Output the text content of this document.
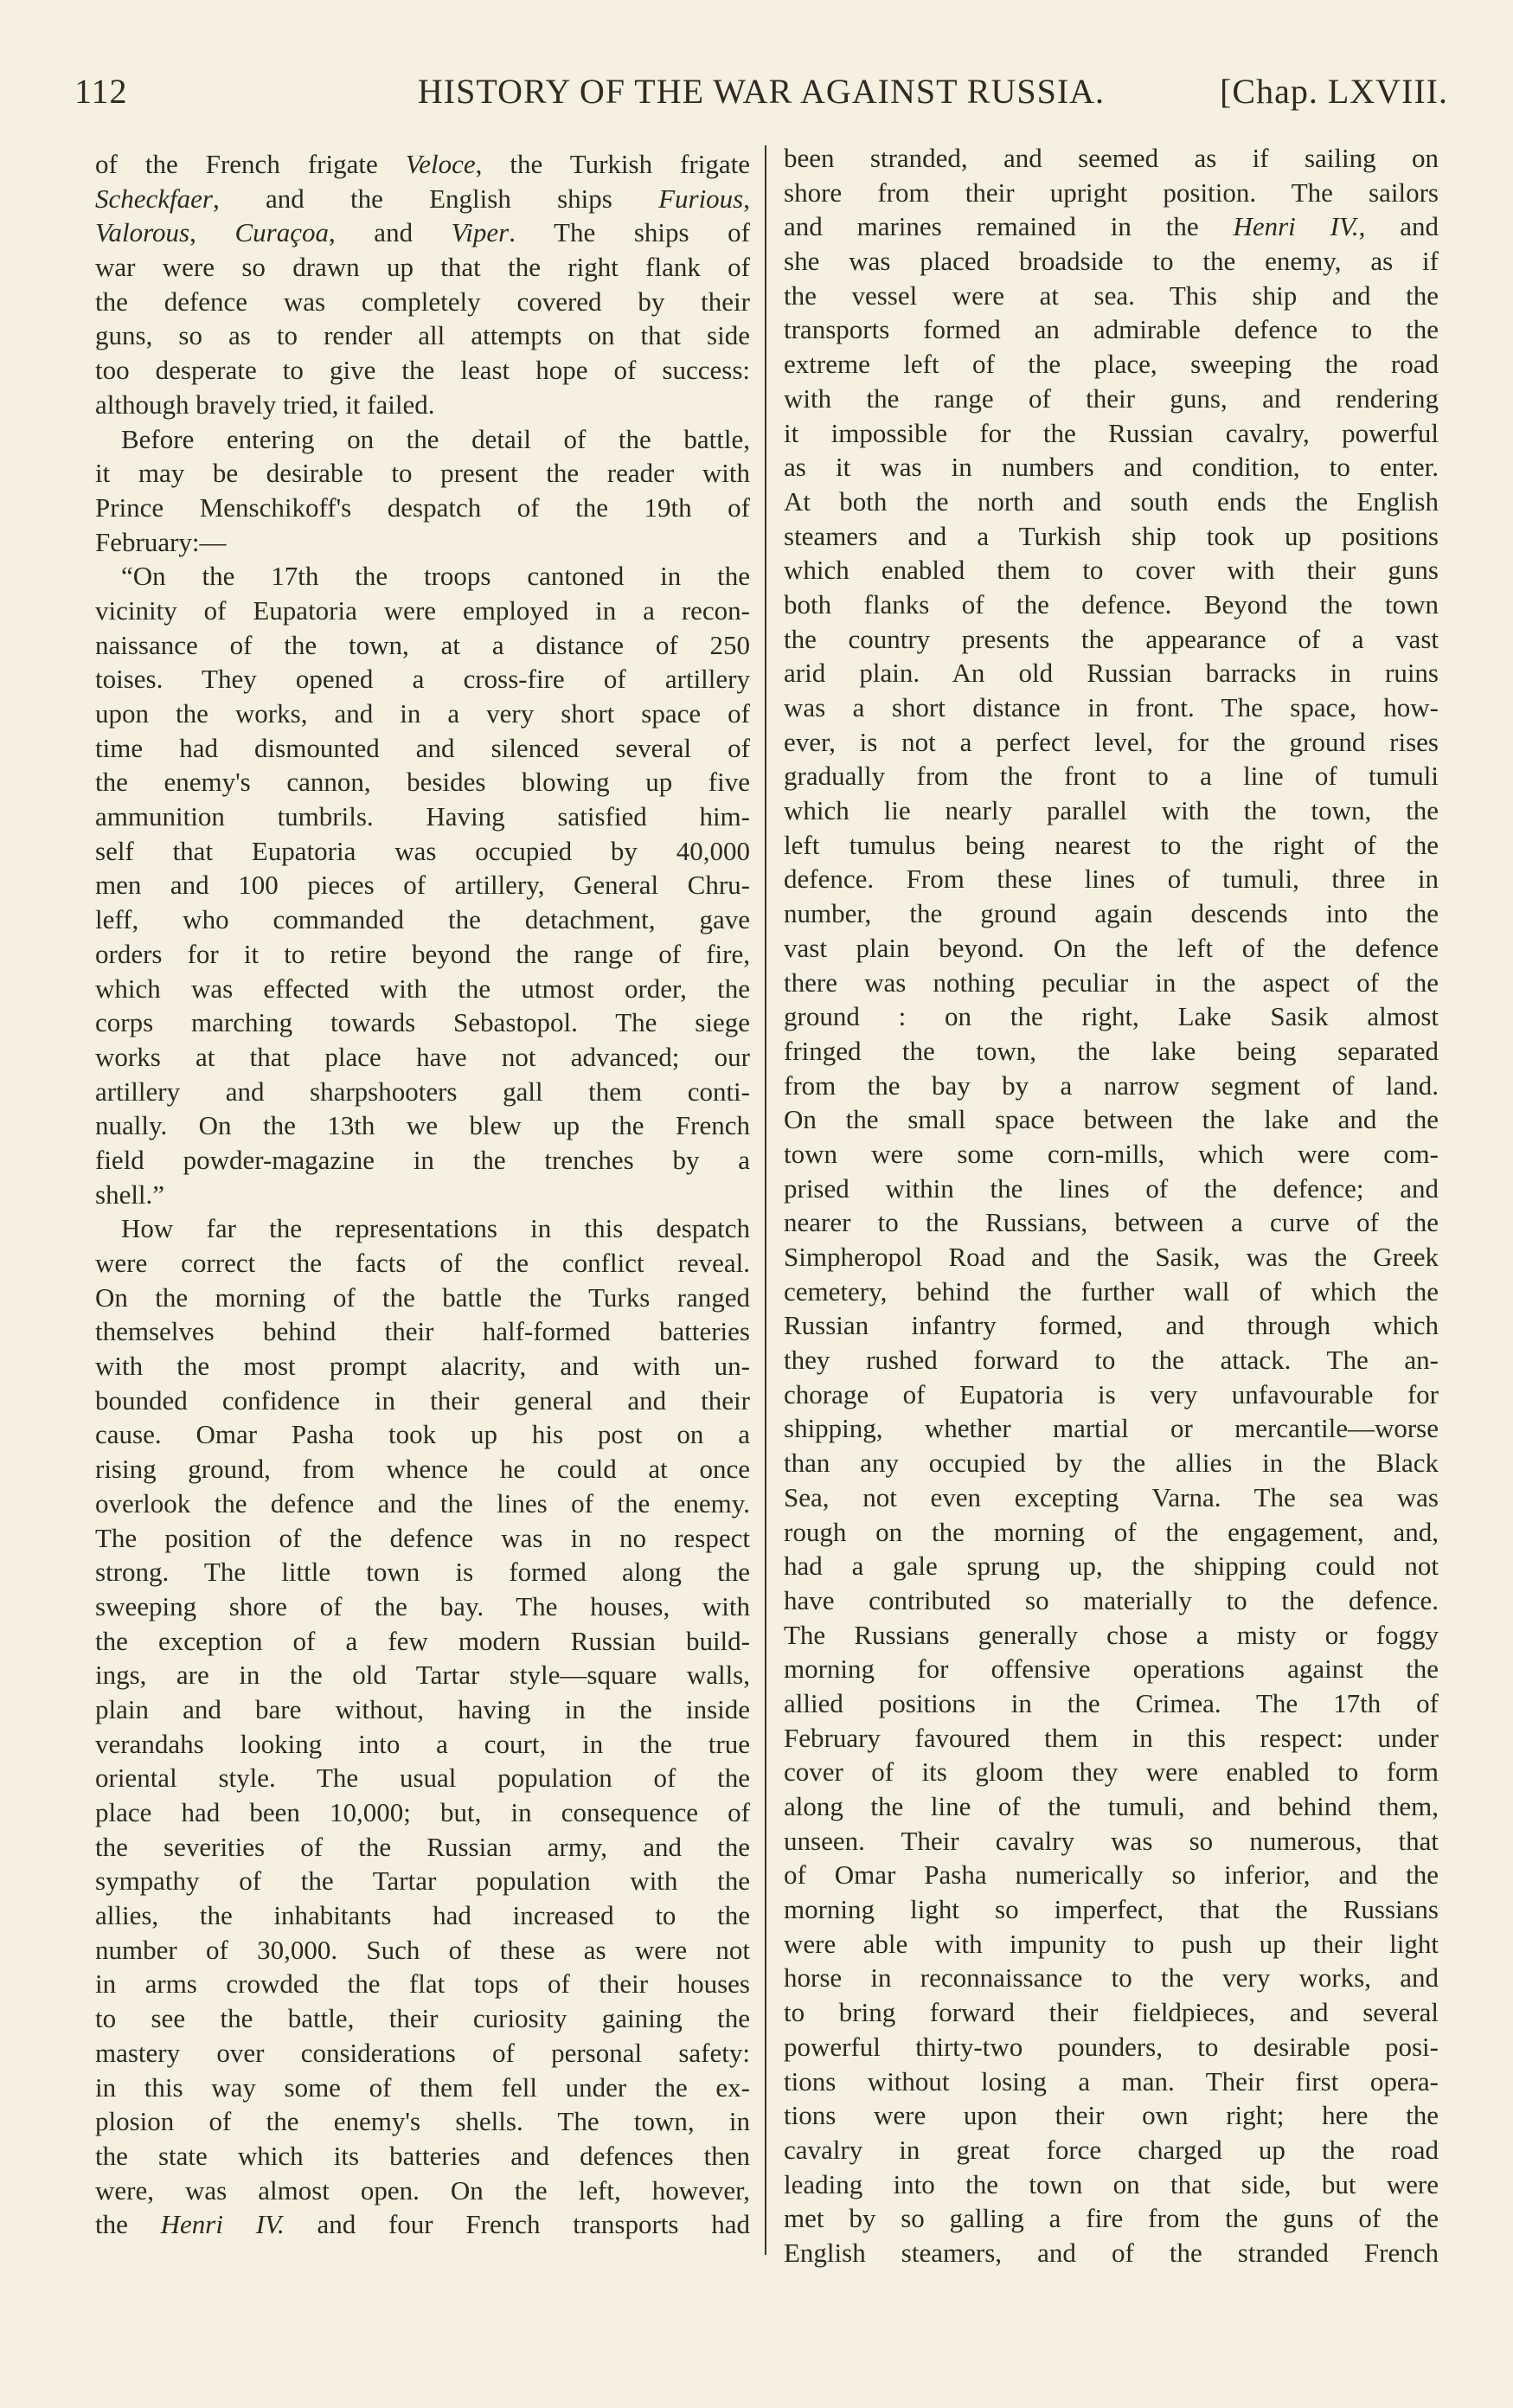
112	HISTORY OF THE WAR AGAINST RUSSIA.	[Chap. LXVIII.
of the French frigate Veloce, the Turkish frigate
Scheckfaer, and the English ships Furious,
Valorous, Curaçoa, and Viper. The ships of
war were so drawn up that the right flank of
the defence was completely covered by their
guns, so as to render all attempts on that side
too desperate to give the least hope of success:
although bravely tried, it failed.
Before entering on the detail of the battle,
it may be desirable to present the reader with
Prince Menschikoff's despatch of the 19th of
February:—
“On the 17th the troops cantoned in the
vicinity of Eupatoria were employed in a recon-
naissance of the town, at a distance of 250
toises. They opened a cross-fire of artillery
upon the works, and in a very short space of
time had dismounted and silenced several of
the enemy's cannon, besides blowing up five
ammunition tumbrils. Having satisfied him-
self that Eupatoria was occupied by 40,000
men and 100 pieces of artillery, General Chru-
leff, who commanded the detachment, gave
orders for it to retire beyond the range of fire,
which was effected with the utmost order, the
corps marching towards Sebastopol. The siege
works at that place have not advanced; our
artillery and sharpshooters gall them conti-
nually. On the 13th we blew up the French
field powder-magazine in the trenches by a
shell.”
How far the representations in this despatch
were correct the facts of the conflict reveal.
On the morning of the battle the Turks ranged
themselves behind their half-formed batteries
with the most prompt alacrity, and with un-
bounded confidence in their general and their
cause. Omar Pasha took up his post on a
rising ground, from whence he could at once
overlook the defence and the lines of the enemy.
The position of the defence was in no respect
strong. The little town is formed along the
sweeping shore of the bay. The houses, with
the exception of a few modern Russian build-
ings, are in the old Tartar style—square walls,
plain and bare without, having in the inside
verandahs looking into a court, in the true
oriental style. The usual population of the
place had been 10,000; but, in consequence of
the severities of the Russian army, and the
sympathy of the Tartar population with the
allies, the inhabitants had increased to the
number of 30,000. Such of these as were not
in arms crowded the flat tops of their houses
to see the battle, their curiosity gaining the
mastery over considerations of personal safety:
in this way some of them fell under the ex-
plosion of the enemy's shells. The town, in
the state which its batteries and defences then
were, was almost open. On the left, however,
the Henri IV. and four French transports had
been stranded, and seemed as if sailing on
shore from their upright position. The sailors
and marines remained in the Henri IV., and
she was placed broadside to the enemy, as if
the vessel were at sea. This ship and the
transports formed an admirable defence to the
extreme left of the place, sweeping the road
with the range of their guns, and rendering
it impossible for the Russian cavalry, powerful
as it was in numbers and condition, to enter.
At both the north and south ends the English
steamers and a Turkish ship took up positions
which enabled them to cover with their guns
both flanks of the defence. Beyond the town
the country presents the appearance of a vast
arid plain. An old Russian barracks in ruins
was a short distance in front. The space, how-
ever, is not a perfect level, for the ground rises
gradually from the front to a line of tumuli
which lie nearly parallel with the town, the
left tumulus being nearest to the right of the
defence. From these lines of tumuli, three in
number, the ground again descends into the
vast plain beyond. On the left of the defence
there was nothing peculiar in the aspect of the
ground : on the right, Lake Sasik almost
fringed the town, the lake being separated
from the bay by a narrow segment of land.
On the small space between the lake and the
town were some corn-mills, which were com-
prised within the lines of the defence; and
nearer to the Russians, between a curve of the
Simpheropol Road and the Sasik, was the Greek
cemetery, behind the further wall of which the
Russian infantry formed, and through which
they rushed forward to the attack. The an-
chorage of Eupatoria is very unfavourable for
shipping, whether martial or mercantile—worse
than any occupied by the allies in the Black
Sea, not even excepting Varna. The sea was
rough on the morning of the engagement, and,
had a gale sprung up, the shipping could not
have contributed so materially to the defence.
The Russians generally chose a misty or foggy
morning for offensive operations against the
allied positions in the Crimea. The 17th of
February favoured them in this respect: under
cover of its gloom they were enabled to form
along the line of the tumuli, and behind them,
unseen. Their cavalry was so numerous, that
of Omar Pasha numerically so inferior, and the
morning light so imperfect, that the Russians
were able with impunity to push up their light
horse in reconnaissance to the very works, and
to bring forward their fieldpieces, and several
powerful thirty-two pounders, to desirable posi-
tions without losing a man. Their first opera-
tions were upon their own right; here the
cavalry in great force charged up the road
leading into the town on that side, but were
met by so galling a fire from the guns of the
English steamers, and of the stranded French
